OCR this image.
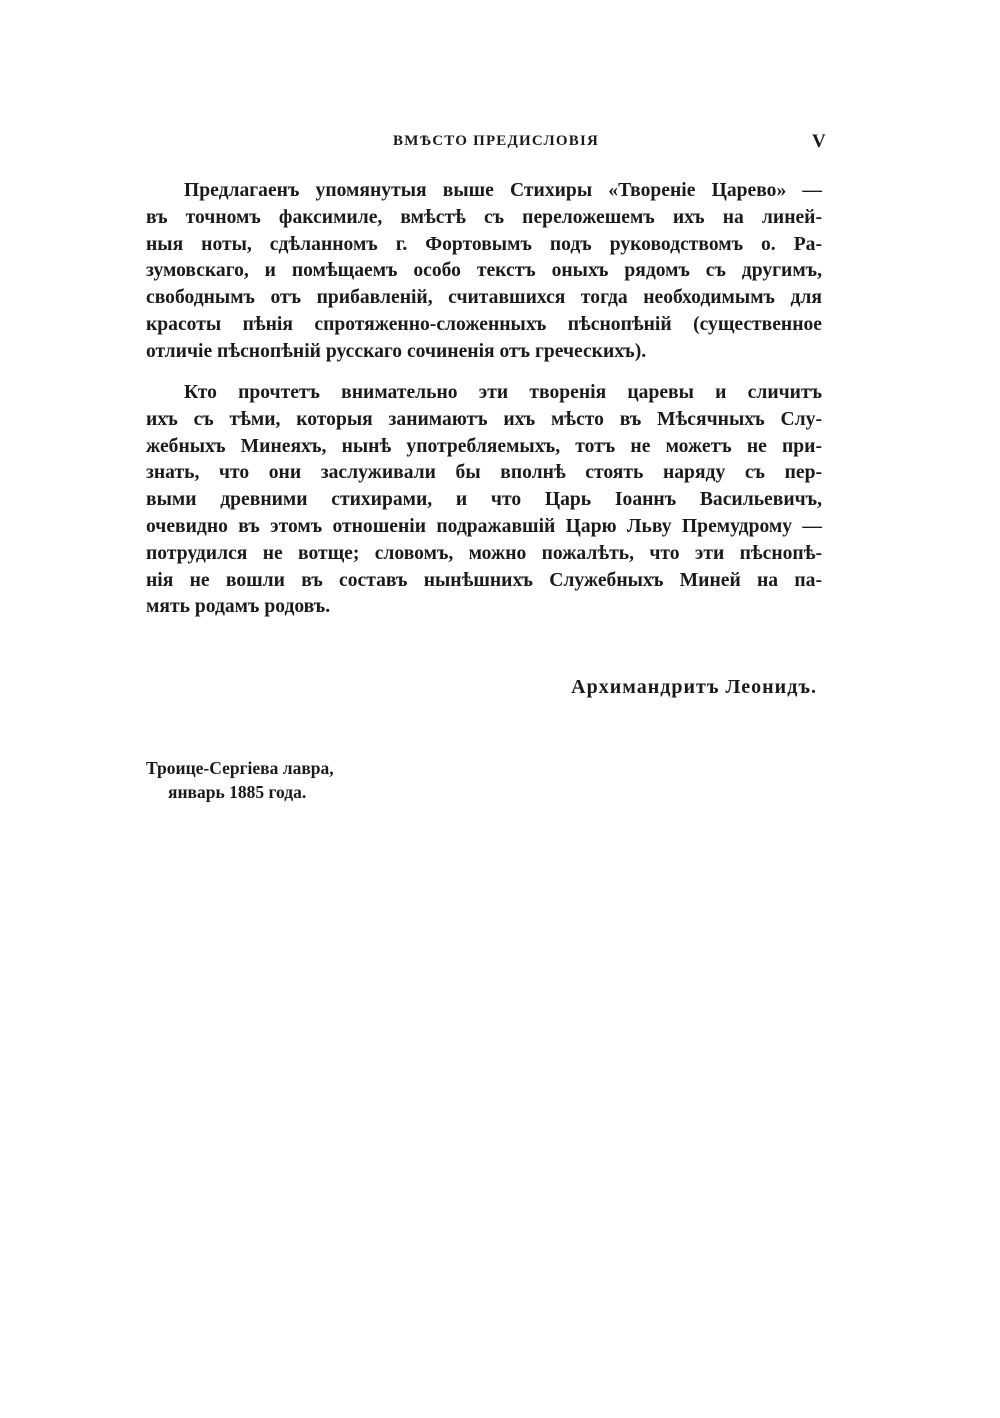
ВМѢСТО ПРЕДИСЛОВІЯ	V
Предлагаенъ упомянутыя выше Стихиры «Твореніе Царево» —
въ точномъ факсимиле, вмѣстѣ съ переложешемъ ихъ на линей-
ныя ноты, сдѣланномъ г. Фортовымъ подъ руководствомъ о. Ра-
зумовскаго, и помѣщаемъ особо текстъ оныхъ рядомъ съ другимъ,
свободнымъ отъ прибавленій, считавшихся тогда необходимымъ для
красоты пѣнія спротяженно-сложенныхъ пѣснопѣній (существенное
отличіе пѣснопѣній русскаго сочиненія отъ греческихъ).
Кто прочтетъ внимательно эти творенія царевы и сличитъ
ихъ съ тѣми, которыя занимаютъ ихъ мѣсто въ Мѣсячныхъ Слу-
жебныхъ Минеяхъ, нынѣ употребляемыхъ, тотъ не можетъ не при-
знать, что они заслуживали бы вполнѣ стоять наряду съ пер-
выми древними стихирами, и что Царь Іоаннъ Васильевичъ,
очевидно въ этомъ отношеніи подражавшій Царю Льву Премудрому —
потрудился не вотще; словомъ, можно пожалѣть, что эти пѣснопѣ-
нія не вошли въ составъ нынѣшнихъ Служебныхъ Миней на па-
мять родамъ родовъ.
Архимандритъ Леонидъ.
Троице-Сергіева лавра,
январь 1885 года.
